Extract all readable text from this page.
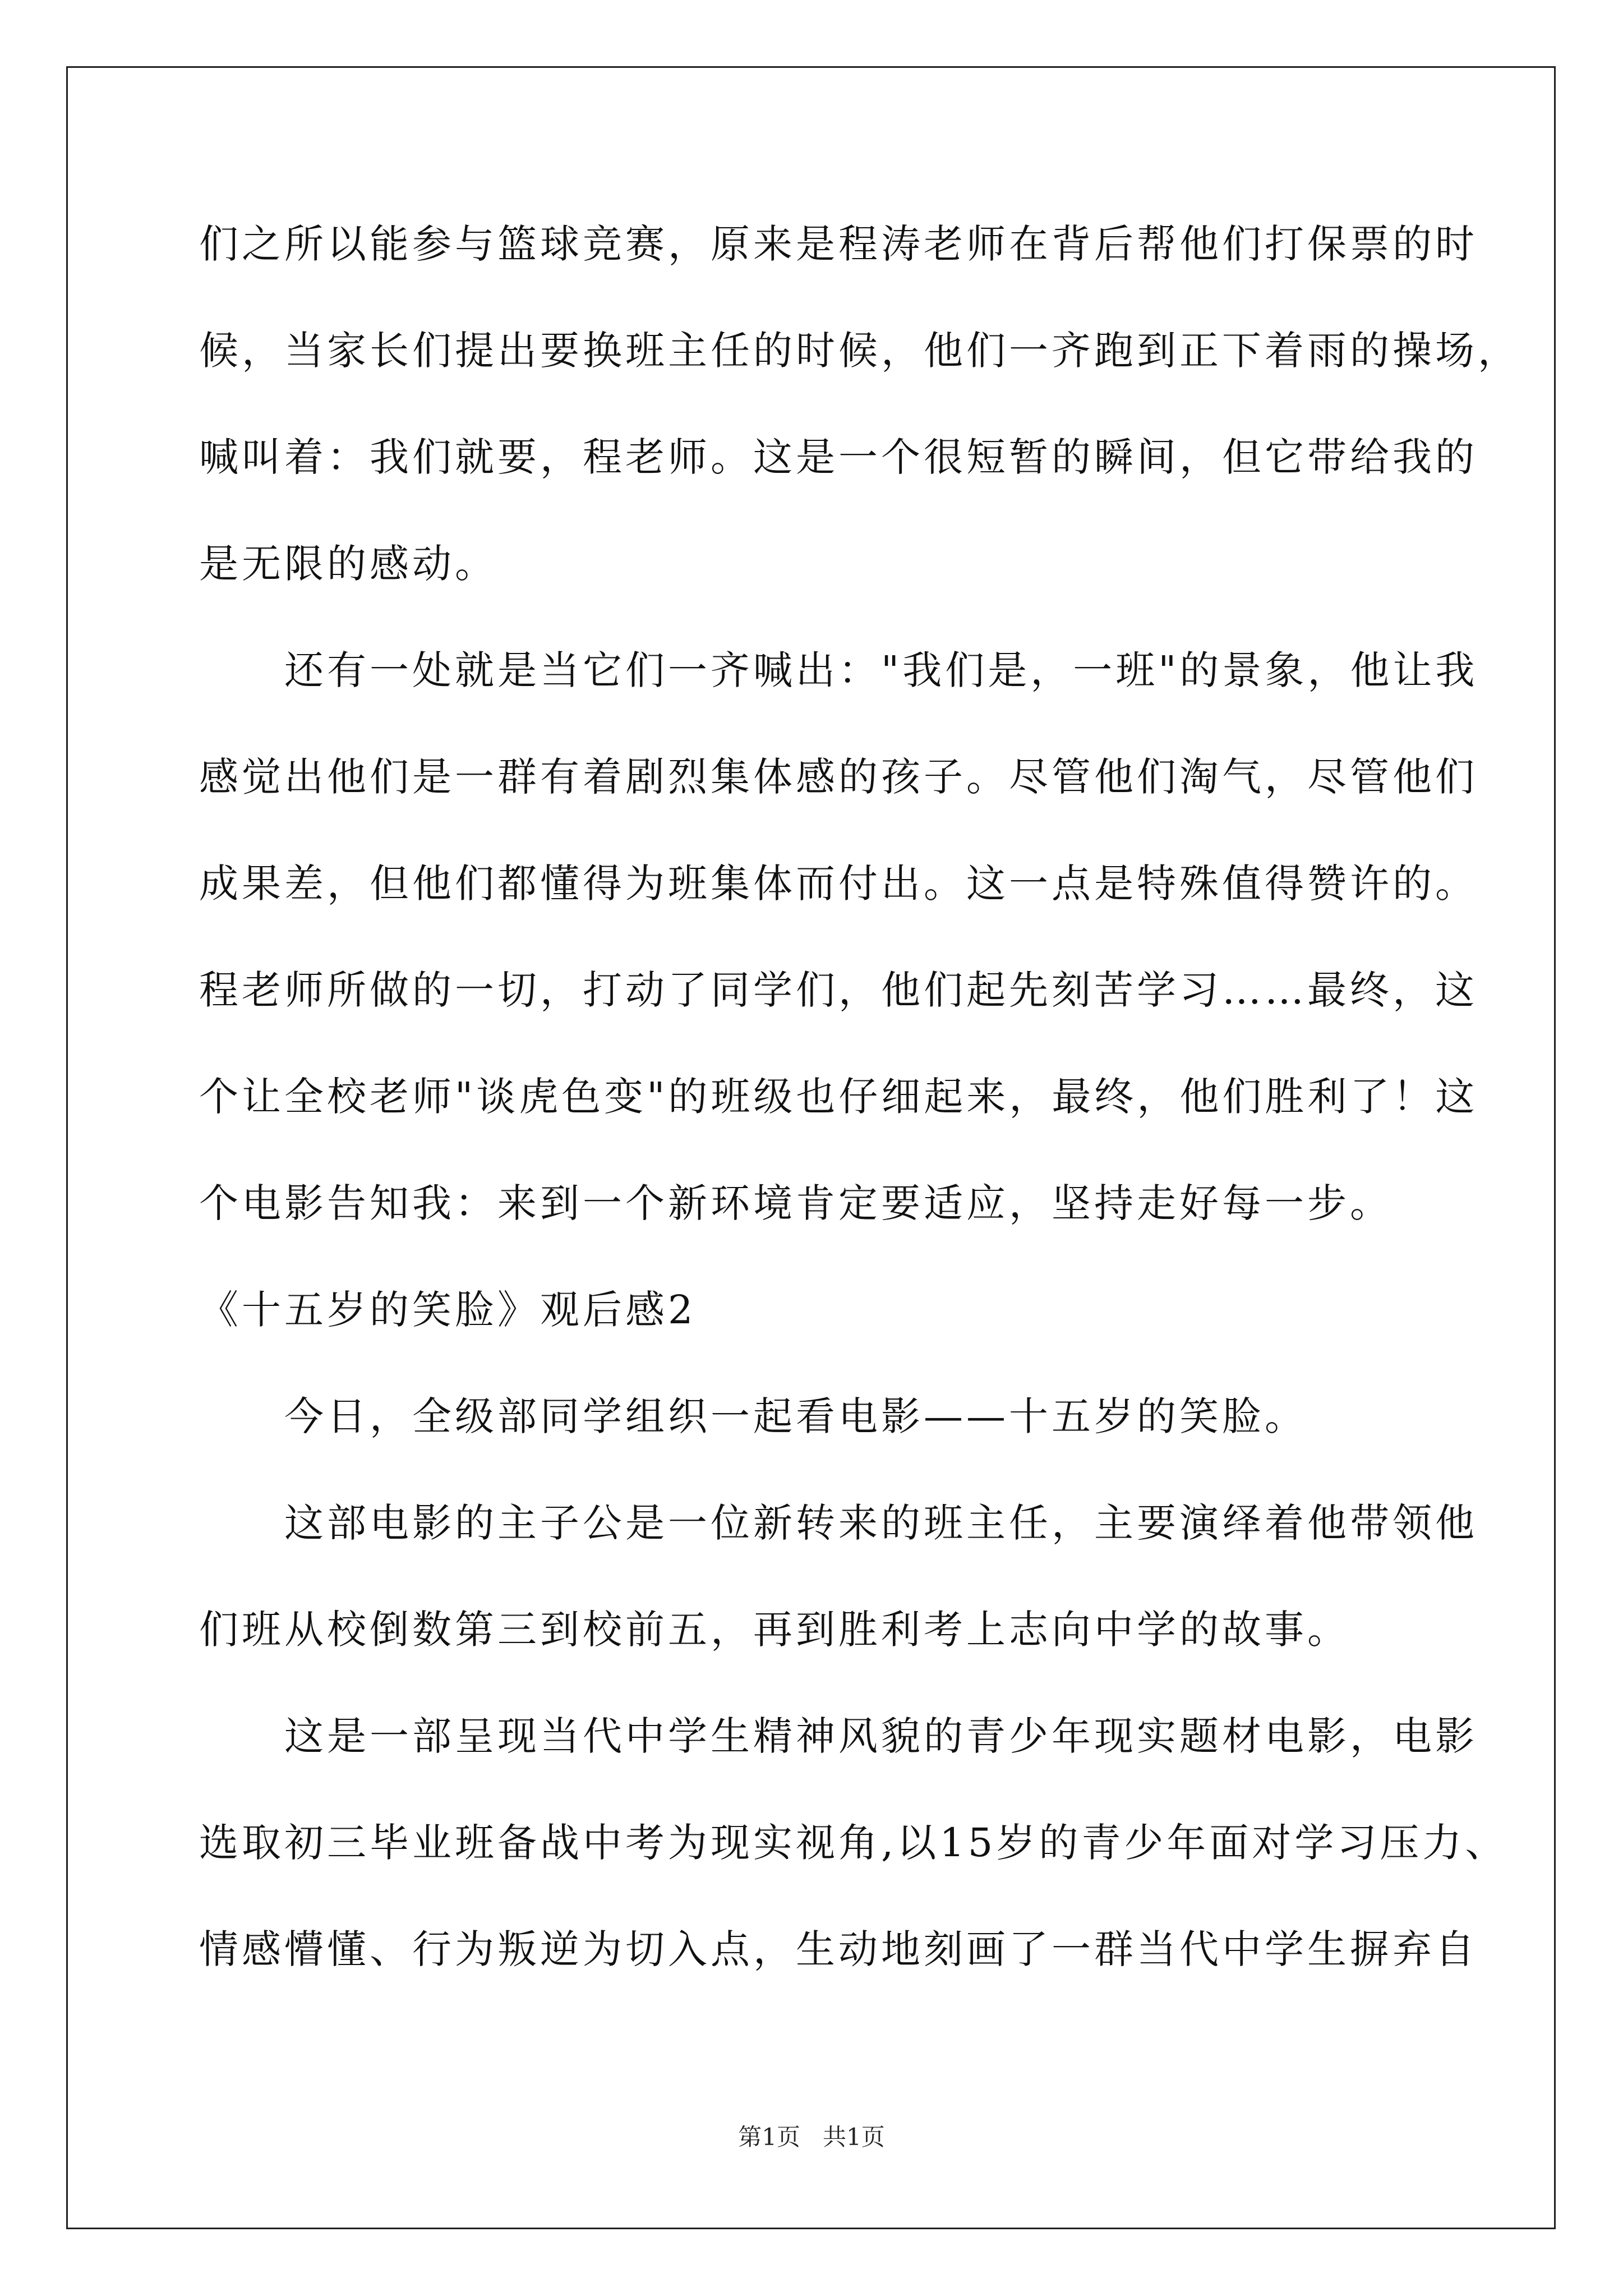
们之所以能参与篮球竞赛，原来是程涛老师在背后帮他们打保票的时
候，当家长们提出要换班主任的时候，他们一齐跑到正下着雨的操场，
喊叫着：我们就要，程老师。这是一个很短暂的瞬间，但它带给我的
是无限的感动。
　　还有一处就是当它们一齐喊出："我们是，一班"的景象，他让我
感觉出他们是一群有着剧烈集体感的孩子。尽管他们淘气，尽管他们
成果差，但他们都懂得为班集体而付出。这一点是特殊值得赞许的。
程老师所做的一切，打动了同学们，他们起先刻苦学习……最终，这
个让全校老师"谈虎色变"的班级也仔细起来，最终，他们胜利了！这
个电影告知我：来到一个新环境肯定要适应，坚持走好每一步。
《十五岁的笑脸》观后感2
　　今日，全级部同学组织一起看电影——十五岁的笑脸。
　　这部电影的主子公是一位新转来的班主任，主要演绎着他带领他
们班从校倒数第三到校前五，再到胜利考上志向中学的故事。
　　这是一部呈现当代中学生精神风貌的青少年现实题材电影，电影
选取初三毕业班备战中考为现实视角,以15岁的青少年面对学习压力、
情感懵懂、行为叛逆为切入点，生动地刻画了一群当代中学生摒弃自
第1页 共1页
